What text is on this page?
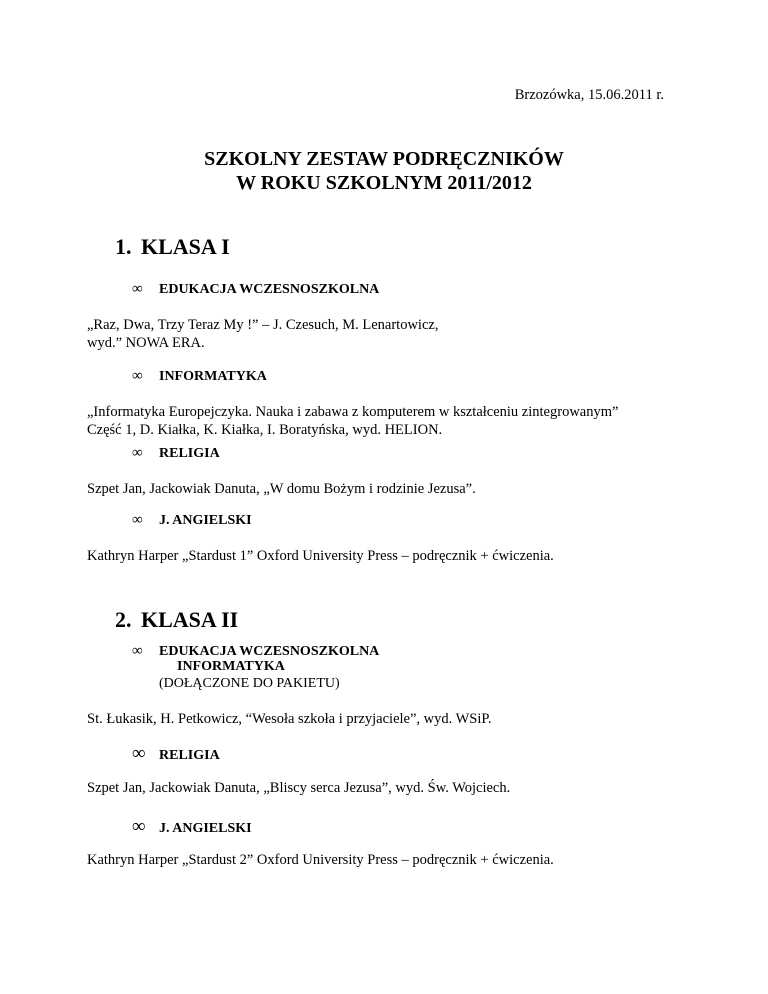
Brzozówka, 15.06.2011 r.
SZKOLNY ZESTAW PODRĘCZNIKÓW
W ROKU SZKOLNYM 2011/2012
1. KLASA I
∞ EDUKACJA WCZESNOSZKOLNA
„Raz, Dwa, Trzy Teraz My !” – J. Czesuch, M. Lenartowicz,
wyd.” NOWA ERA.
∞ INFORMATYKA
„Informatyka Europejczyka. Nauka i zabawa z komputerem w kształceniu zintegrowanym”
Część 1, D. Kiałka, K. Kiałka, I. Boratyńska, wyd. HELION.
∞ RELIGIA
Szpet Jan, Jackowiak Danuta, „W domu Bożym i rodzinie Jezusa”.
∞ J. ANGIELSKI
Kathryn Harper „Stardust 1” Oxford University Press – podręcznik + ćwiczenia.
2. KLASA II
∞ EDUKACJA WCZESNOSZKOLNA
INFORMATYKA
(DOŁĄCZONE DO PAKIETU)
St. Łukasik, H. Petkowicz, “Wesoła szkoła i przyjaciele”, wyd. WSiP.
∞ RELIGIA
Szpet Jan, Jackowiak Danuta, „Bliscy serca Jezusa”, wyd. Św. Wojciech.
∞ J. ANGIELSKI
Kathryn Harper „Stardust 2” Oxford University Press – podręcznik + ćwiczenia.
